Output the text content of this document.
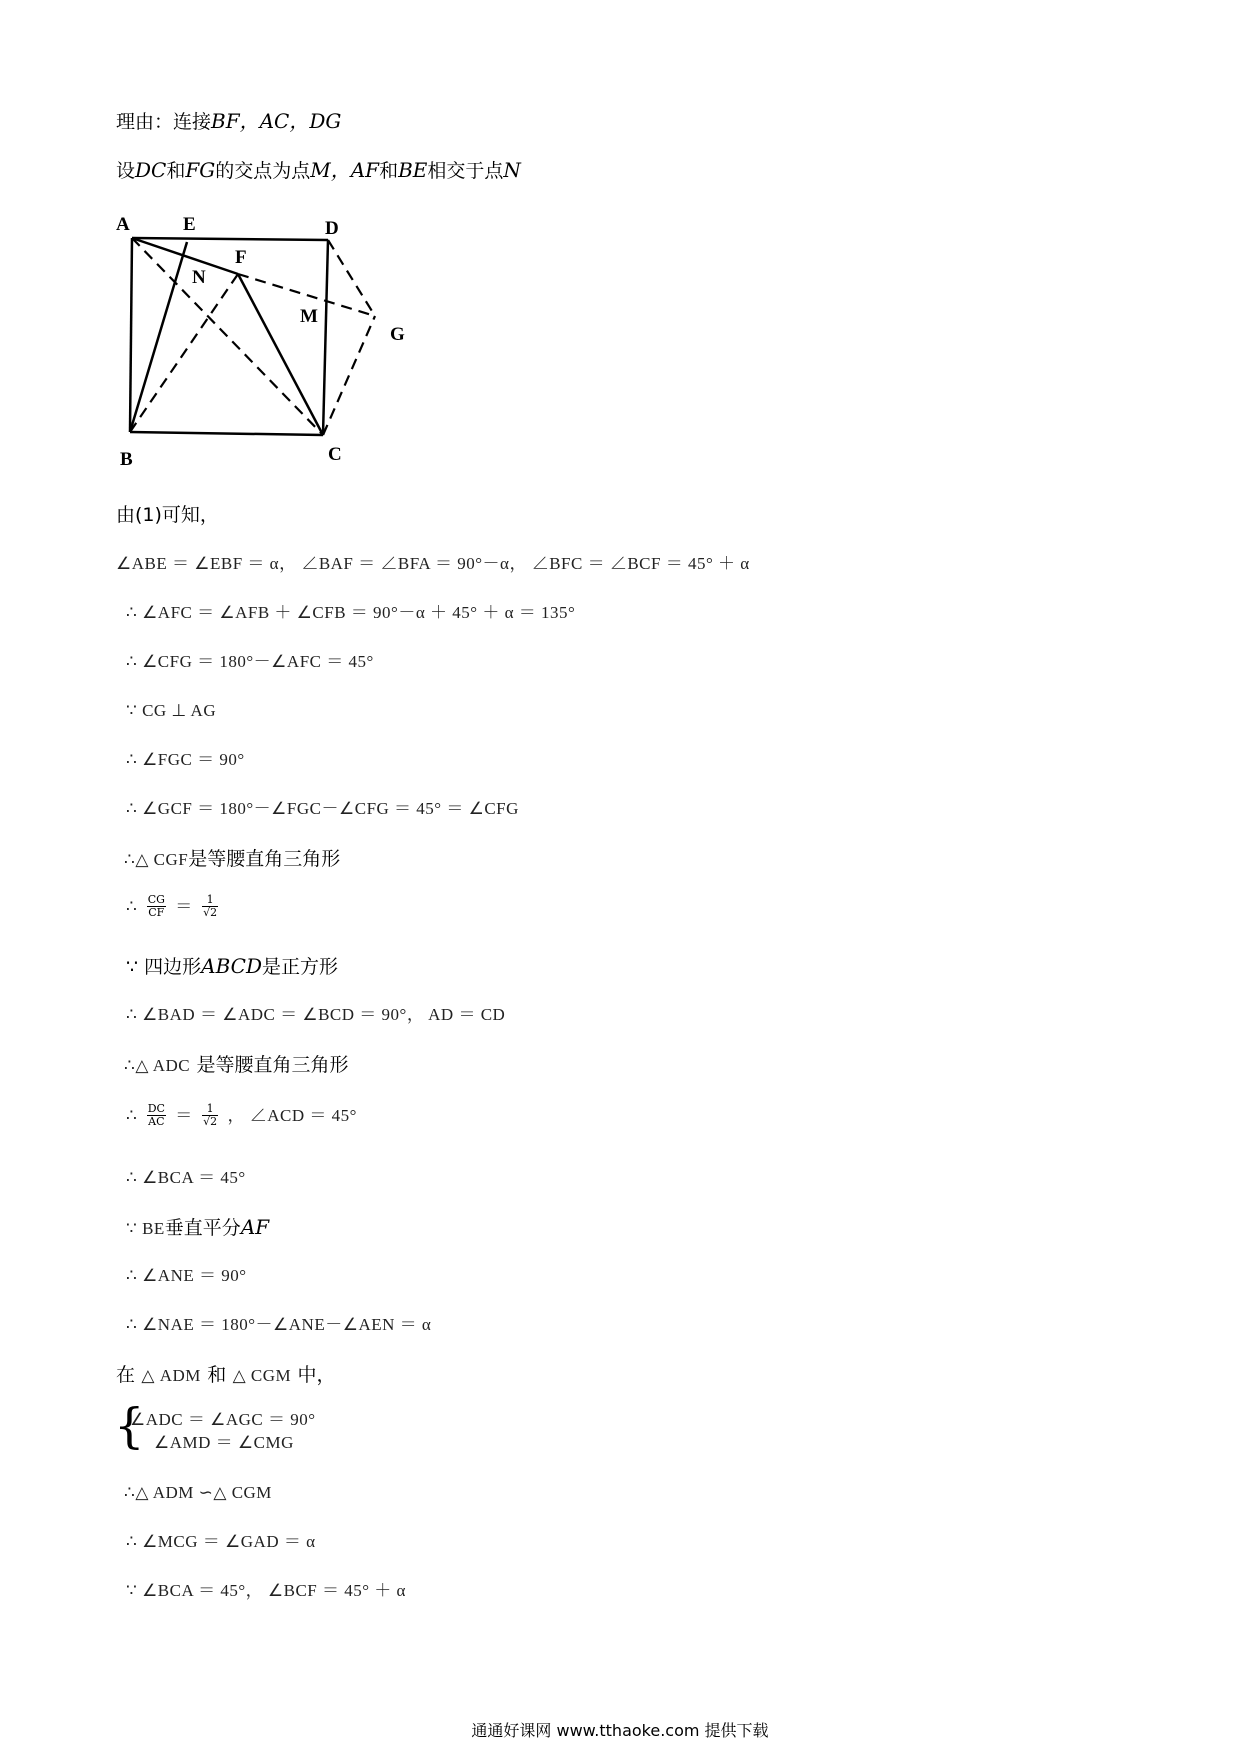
理由：连接BF，AC，DG
设DC和FG的交点为点M，AF和BE相交于点N
A	E	D
N
F
M
G
B	C
由(1)可知，
∠ABE ＝ ∠EBF ＝ α， ∠BAF ＝ ∠BFA ＝ 90°－α， ∠BFC ＝ ∠BCF ＝ 45° ＋ α
∴ ∠AFC ＝ ∠AFB ＋ ∠CFB ＝ 90°－α ＋ 45° ＋ α ＝ 135°
∴ ∠CFG ＝ 180°－∠AFC ＝ 45°
∵ CG ⊥ AG
∴ ∠FGC ＝ 90°
∴ ∠GCF ＝ 180°－∠FGC－∠CFG ＝ 45° ＝ ∠CFG
∴△ CGF是等腰直角三角形
∴ $\frac{CG}{CF} = \frac{1}{√2}$
∵ 四边形ABCD是正方形
∴ ∠BAD ＝ ∠ADC ＝ ∠BCD ＝ 90°， AD ＝ CD
∴△ ADC 是等腰直角三角形
∴ $\frac{DC}{AC} = \frac{1}{√2}$ ， ∠ACD ＝ 45°
∴ ∠BCA ＝ 45°
∵ BE垂直平分AF
∴ ∠ANE ＝ 90°
∴ ∠NAE ＝ 180°－∠ANE－∠AEN ＝ α
在 △ ADM 和 △ CGM 中，
{
∠ADC ＝ ∠AGC ＝ 90°
∠AMD ＝ ∠CMG
∴△ ADM ∽△ CGM
∴ ∠MCG ＝ ∠GAD ＝ α
∵ ∠BCA ＝ 45°， ∠BCF ＝ 45° ＋ α
通通好课网 www.tthaoke.com 提供下载
